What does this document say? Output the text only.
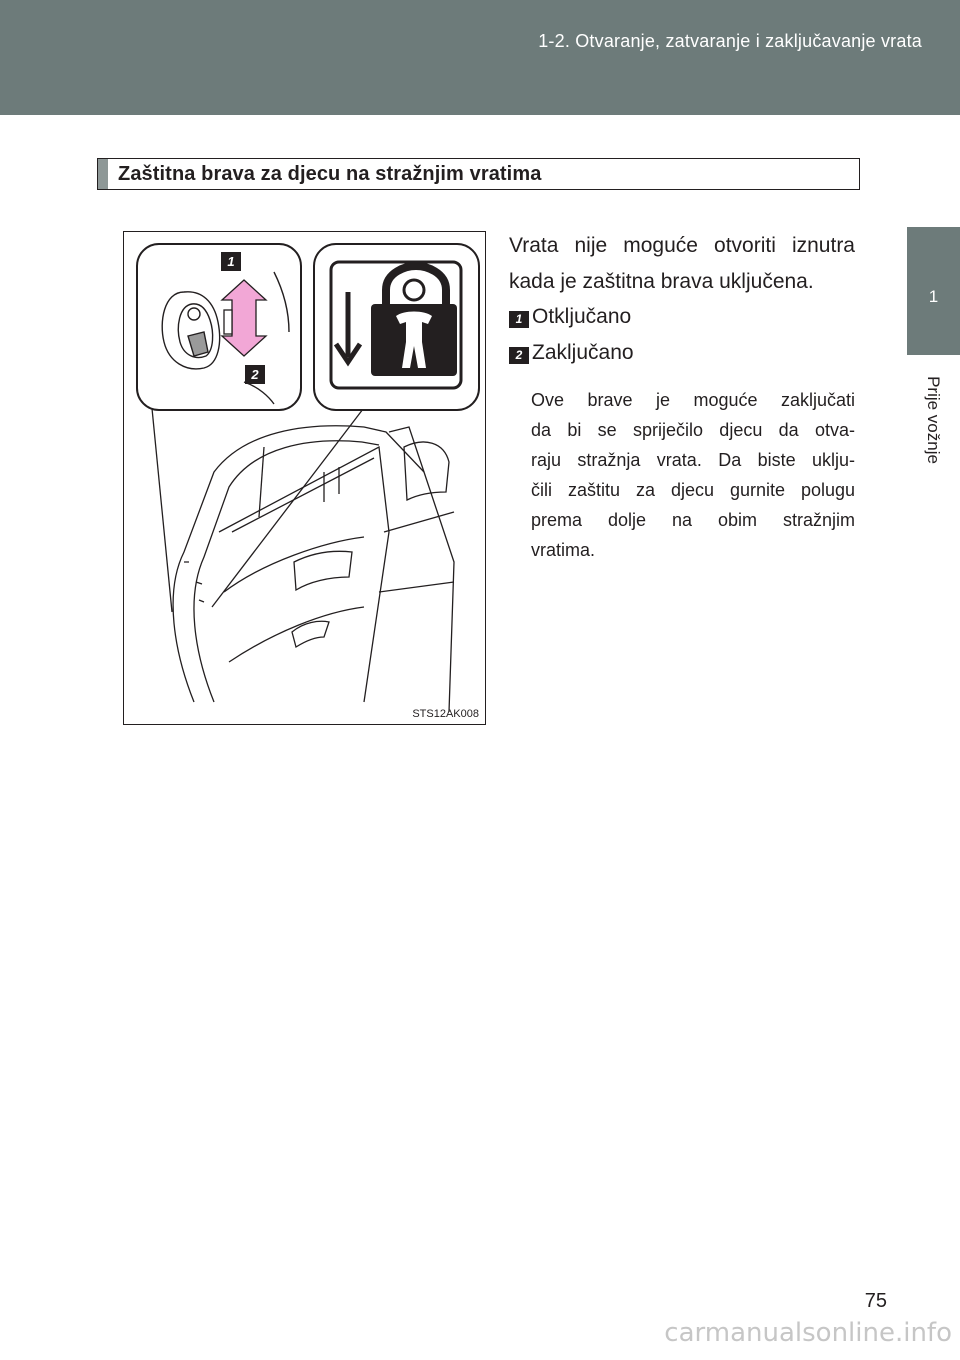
1-2. Otvaranje, zatvaranje i zaključavanje vrata
1
Prije vožnje
Zaštitna brava za djecu na stražnjim vratima
1
2
STS12AK008
Vrata nije moguće otvoriti iznutra
kada je zaštitna brava uključena.
1 Otključano
2 Zaključano
Ove brave je moguće zaključati
da bi se spriječilo djecu da otva-
raju stražnja vrata. Da biste uklju-
čili zaštitu za djecu gurnite polugu
prema dolje na obim stražnjim
vratima.
75
carmanualsonline.info
